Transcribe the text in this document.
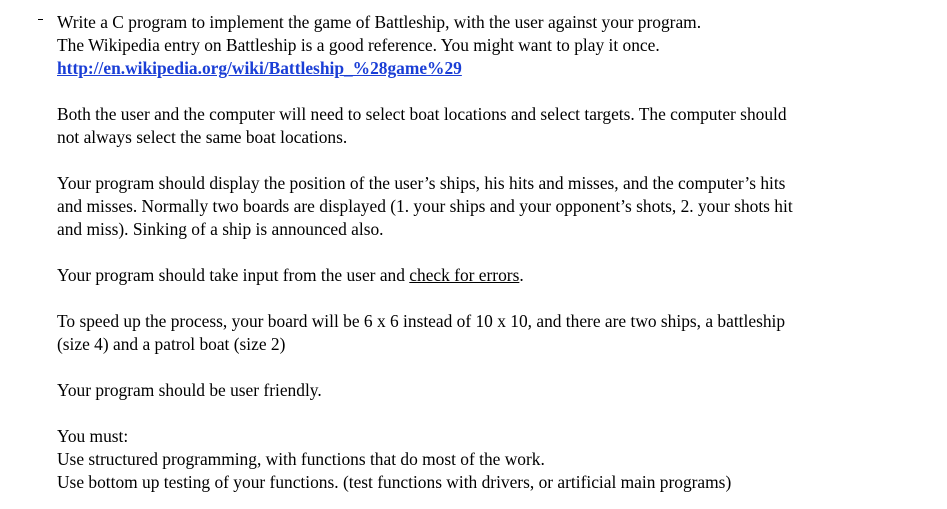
Write a C program to implement the game of Battleship, with the user against your program.
The Wikipedia entry on Battleship is a good reference. You might want to play it once.
http://en.wikipedia.org/wiki/Battleship_%28game%29

Both the user and the computer will need to select boat locations and select targets. The computer should
not always select the same boat locations.

Your program should display the position of the user’s ships, his hits and misses, and the computer’s hits
and misses. Normally two boards are displayed (1. your ships and your opponent’s shots, 2. your shots hit
and miss). Sinking of a ship is announced also.

Your program should take input from the user and check for errors.

To speed up the process, your board will be 6 x 6 instead of 10 x 10, and there are two ships, a battleship
(size 4) and a patrol boat (size 2)

Your program should be user friendly.

You must:
Use structured programming, with functions that do most of the work.
Use bottom up testing of your functions. (test functions with drivers, or artificial main programs)
